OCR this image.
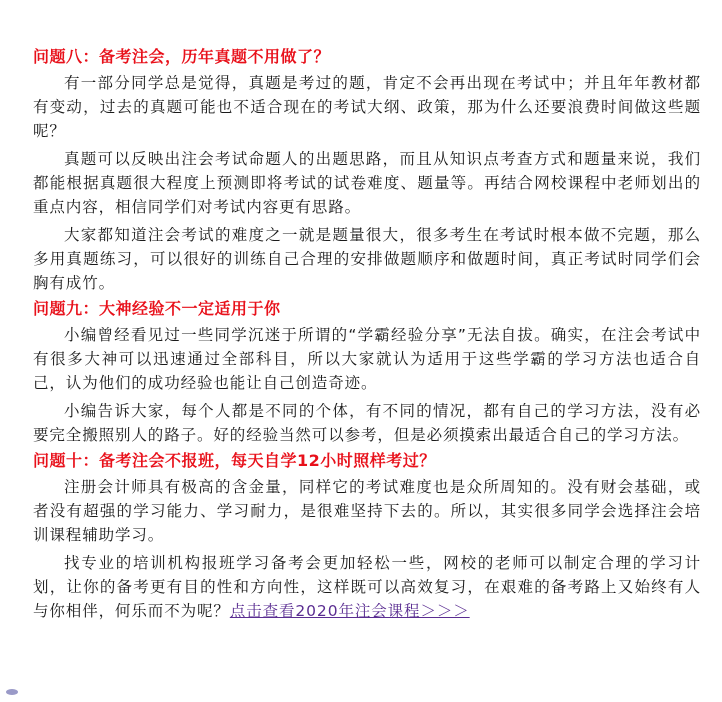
问题八：备考注会，历年真题不用做了？

有一部分同学总是觉得，真题是考过的题，肯定不会再出现在考试中；并且年年教材都有变动，过去的真题可能也不适合现在的考试大纲、政策，那为什么还要浪费时间做这些题呢？

真题可以反映出注会考试命题人的出题思路，而且从知识点考查方式和题量来说，我们都能根据真题很大程度上预测即将考试的试卷难度、题量等。再结合网校课程中老师划出的重点内容，相信同学们对考试内容更有思路。

大家都知道注会考试的难度之一就是题量很大，很多考生在考试时根本做不完题，那么多用真题练习，可以很好的训练自己合理的安排做题顺序和做题时间，真正考试时同学们会胸有成竹。

问题九：大神经验不一定适用于你

小编曾经看见过一些同学沉迷于所谓的“学霸经验分享”无法自拔。确实，在注会考试中有很多大神可以迅速通过全部科目，所以大家就认为适用于这些学霸的学习方法也适合自己，认为他们的成功经验也能让自己创造奇迹。

小编告诉大家，每个人都是不同的个体，有不同的情况，都有自己的学习方法，没有必要完全搬照别人的路子。好的经验当然可以参考，但是必须摸索出最适合自己的学习方法。

问题十：备考注会不报班，每天自学12小时照样考过？

注册会计师具有极高的含金量，同样它的考试难度也是众所周知的。没有财会基础，或者没有超强的学习能力、学习耐力，是很难坚持下去的。所以，其实很多同学会选择注会培训课程辅助学习。

找专业的培训机构报班学习备考会更加轻松一些，网校的老师可以制定合理的学习计划，让你的备考更有目的性和方向性，这样既可以高效复习，在艰难的备考路上又始终有人与你相伴，何乐而不为呢？点击查看2020年注会课程＞＞＞
